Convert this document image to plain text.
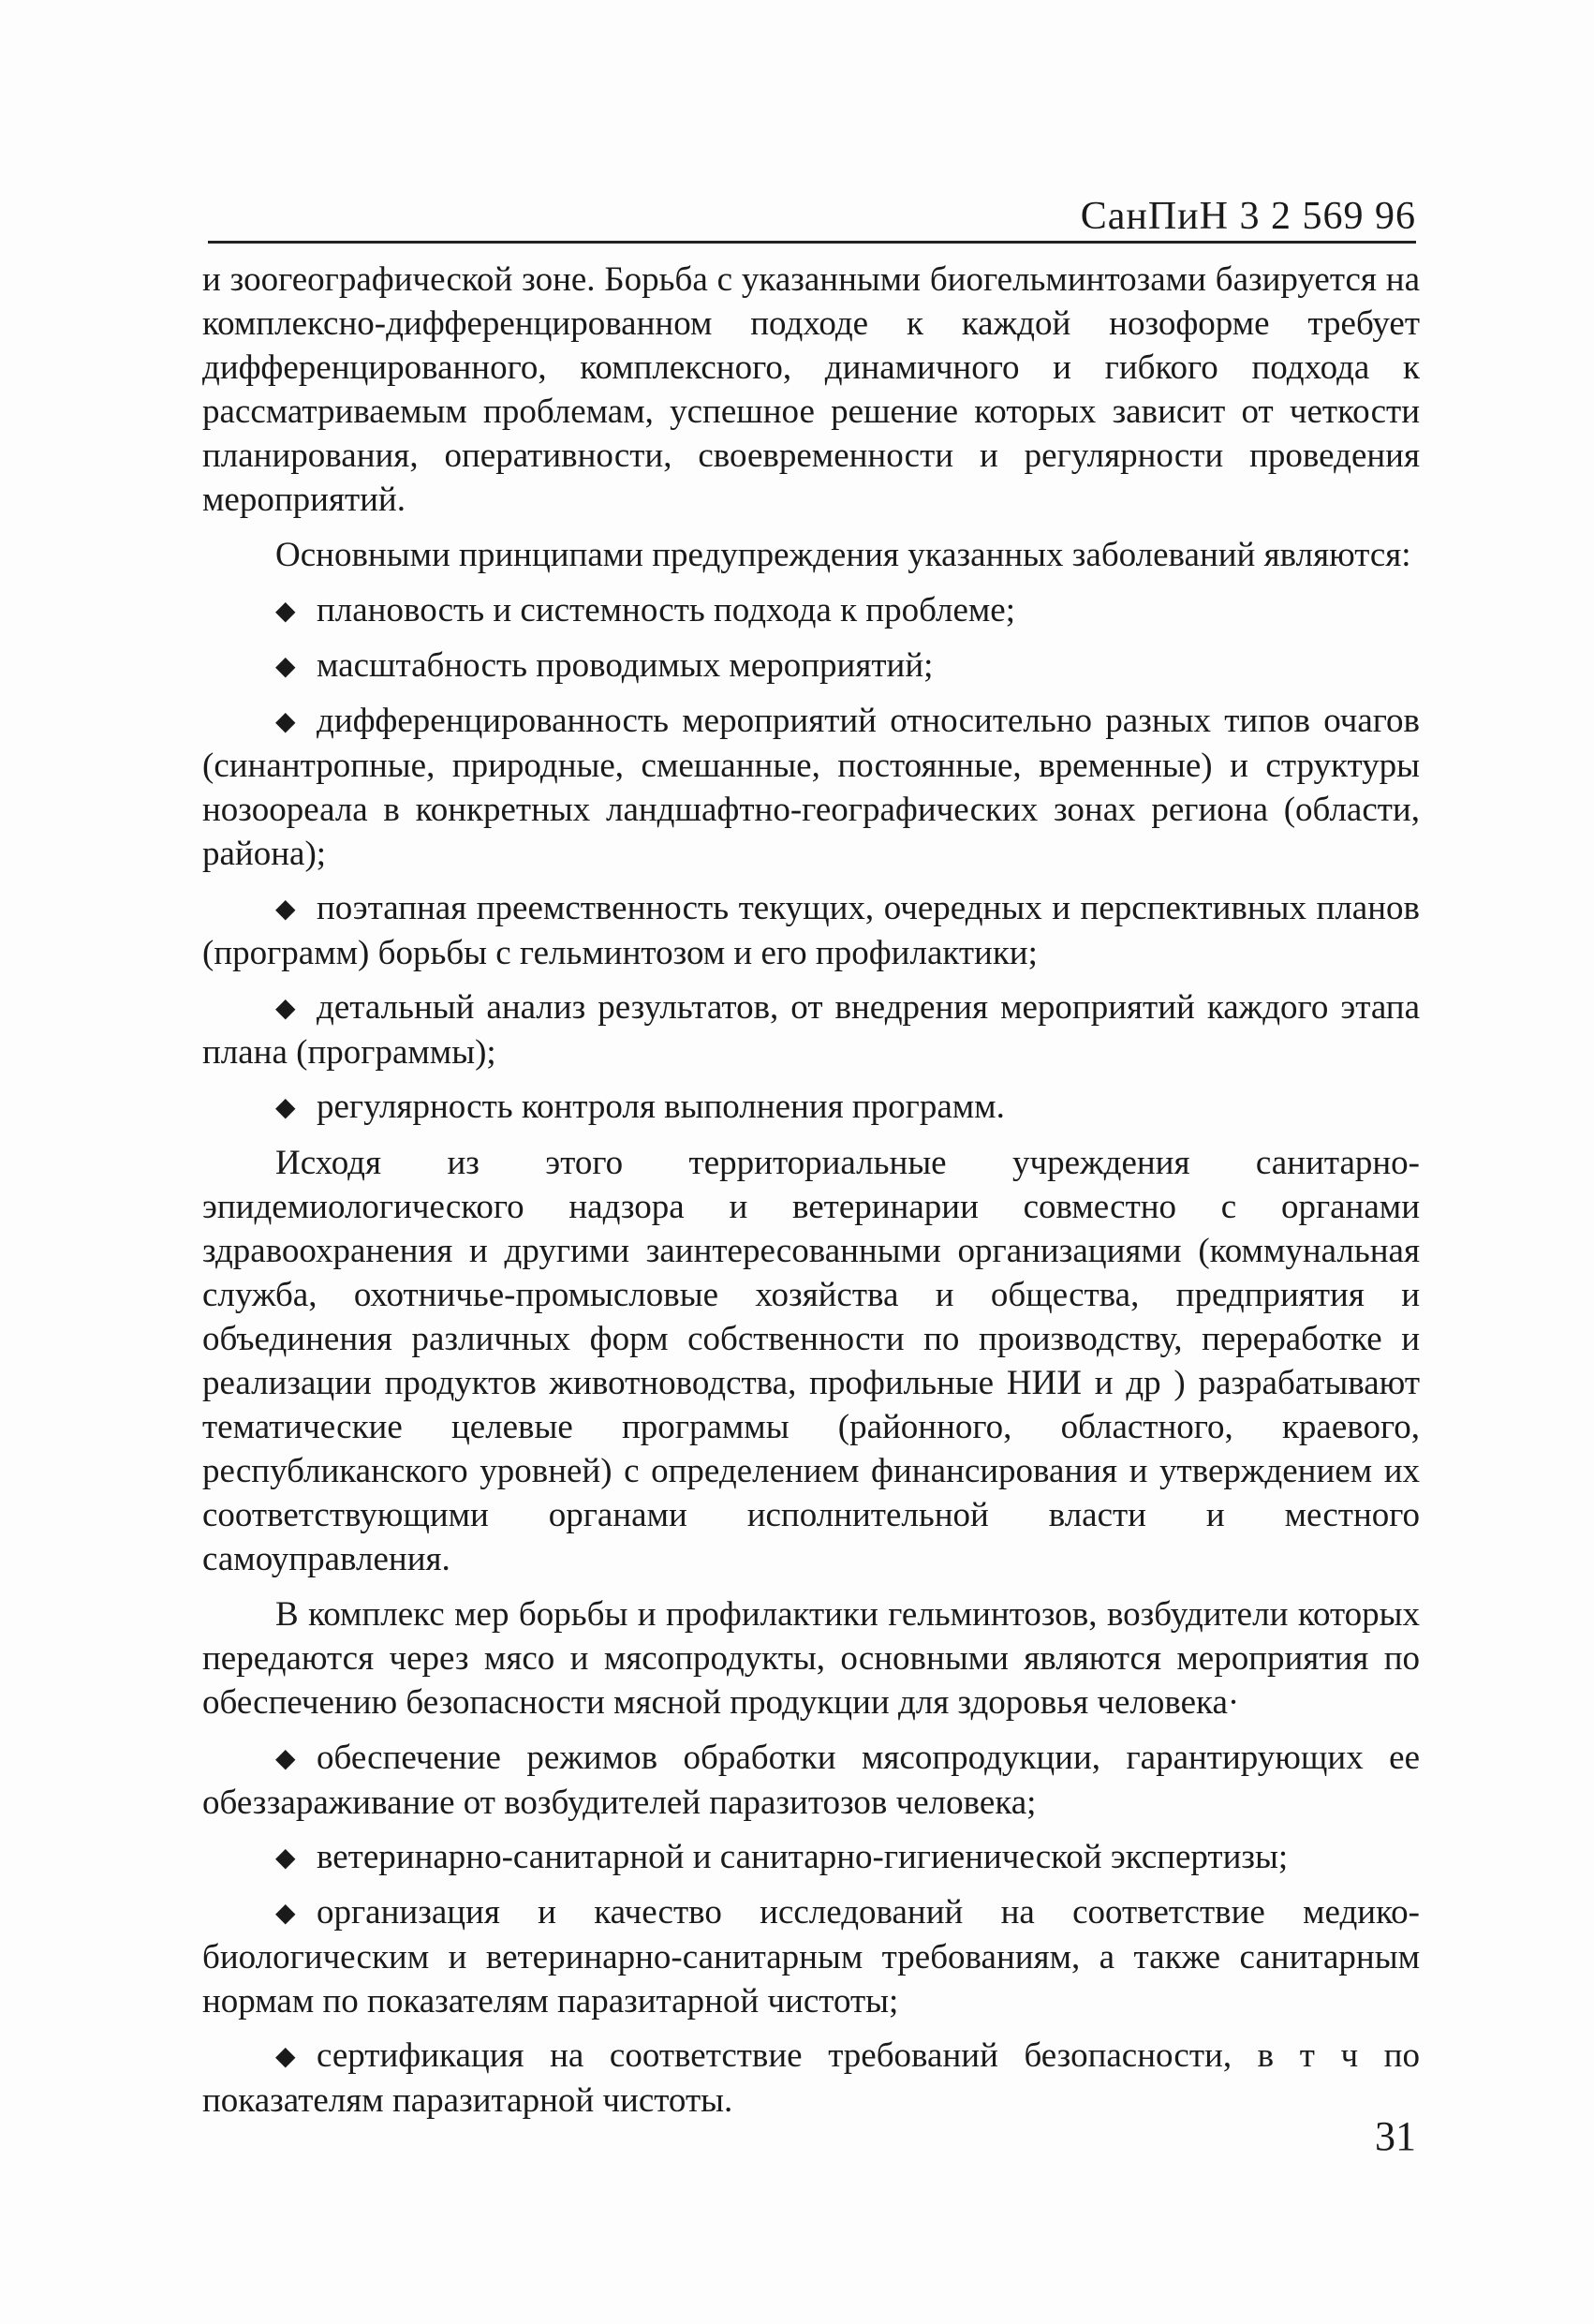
СанПиН 3 2 569 96

и зоогеографической зоне. Борьба с указанными биогельминтозами базируется на комплексно-дифференцированном подходе к каждой нозоформе требует дифференцированного, комплексного, динамичного и гибкого подхода к рассматриваемым проблемам, успешное решение которых зависит от четкости планирования, оперативности, своевременности и регулярности проведения мероприятий.

Основными принципами предупреждения указанных заболеваний являются:

◆ плановость и системность подхода к проблеме;
◆ масштабность проводимых мероприятий;
◆ дифференцированность мероприятий относительно разных типов очагов (синантропные, природные, смешанные, постоянные, временные) и структуры нозоореала в конкретных ландшафтно-географических зонах региона (области, района);
◆ поэтапная преемственность текущих, очередных и перспективных планов (программ) борьбы с гельминтозом и его профилактики;
◆ детальный анализ результатов, от внедрения мероприятий каждого этапа плана (программы);
◆ регулярность контроля выполнения программ.

Исходя из этого территориальные учреждения санитарно-эпидемиологического надзора и ветеринарии совместно с органами здравоохранения и другими заинтересованными организациями (коммунальная служба, охотничье-промысловые хозяйства и общества, предприятия и объединения различных форм собственности по производству, переработке и реализации продуктов животноводства, профильные НИИ и др ) разрабатывают тематические целевые программы (районного, областного, краевого, республиканского уровней) с определением финансирования и утверждением их соответствующими органами исполнительной власти и местного самоуправления.

В комплекс мер борьбы и профилактики гельминтозов, возбудители которых передаются через мясо и мясопродукты, основными являются мероприятия по обеспечению безопасности мясной продукции для здоровья человека·

◆ обеспечение режимов обработки мясопродукции, гарантирующих ее обеззараживание от возбудителей паразитозов человека;
◆ ветеринарно-санитарной и санитарно-гигиенической экспертизы;
◆ организация и качество исследований на соответствие медико-биологическим и ветеринарно-санитарным требованиям, а также санитарным нормам по показателям паразитарной чистоты;
◆ сертификация на соответствие требований безопасности, в т ч по показателям паразитарной чистоты.
31
